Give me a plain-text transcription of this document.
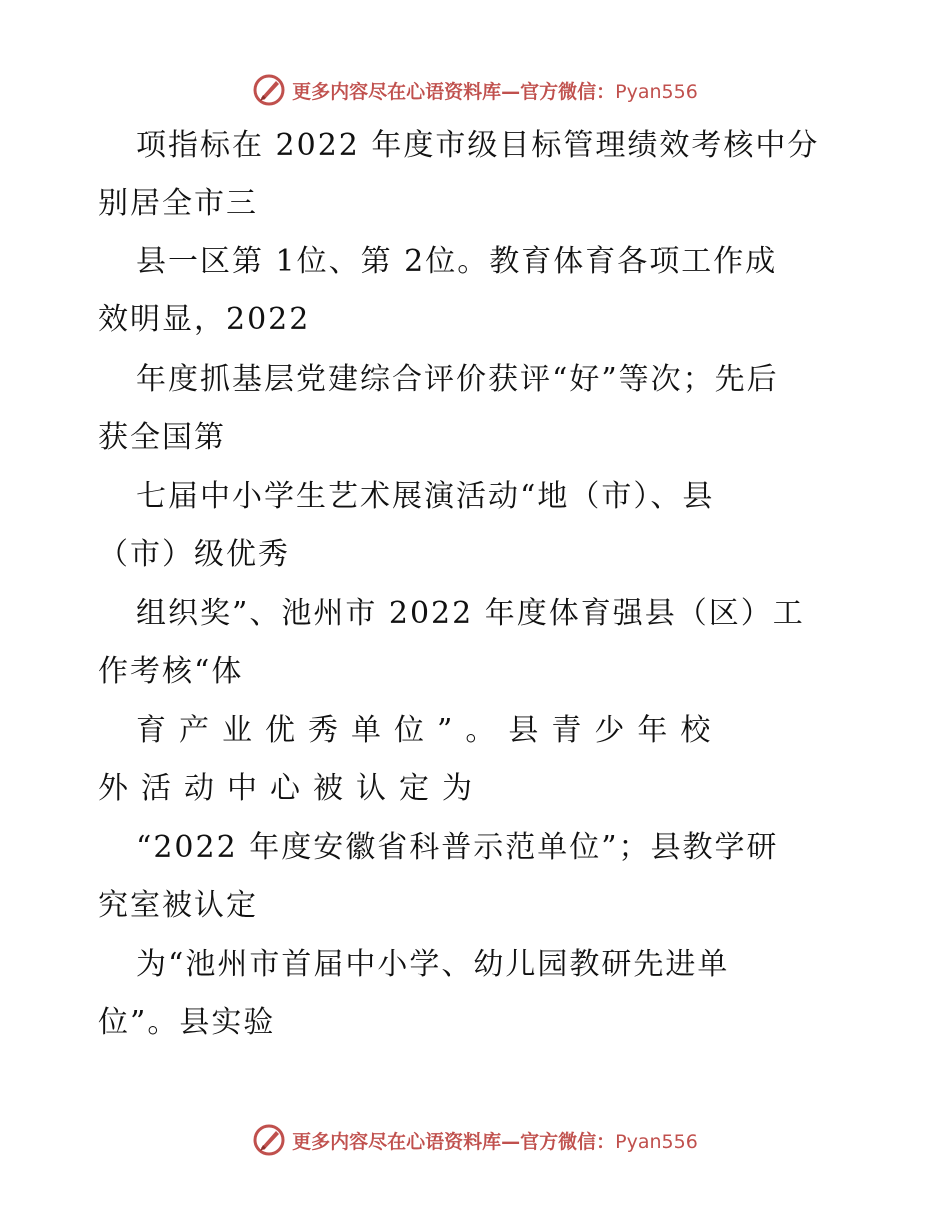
更多内容尽在心语资料库—官方微信：Pyan556
项指标在 2022 年度市级目标管理绩效考核中分
别居全市三
县一区第 1位、第 2位。教育体育各项工作成
效明显，2022
年度抓基层党建综合评价获评“好”等次；先后
获全国第
七届中小学生艺术展演活动“地（市）、县
（市）级优秀
组织奖”、池州市 2022 年度体育强县（区）工
作考核“体
育产业优秀单位”。县青少年校
外活动中心被认定为
“2022 年度安徽省科普示范单位”；县教学研
究室被认定
为“池州市首届中小学、幼儿园教研先进单
位”。县实验
更多内容尽在心语资料库—官方微信：Pyan556
